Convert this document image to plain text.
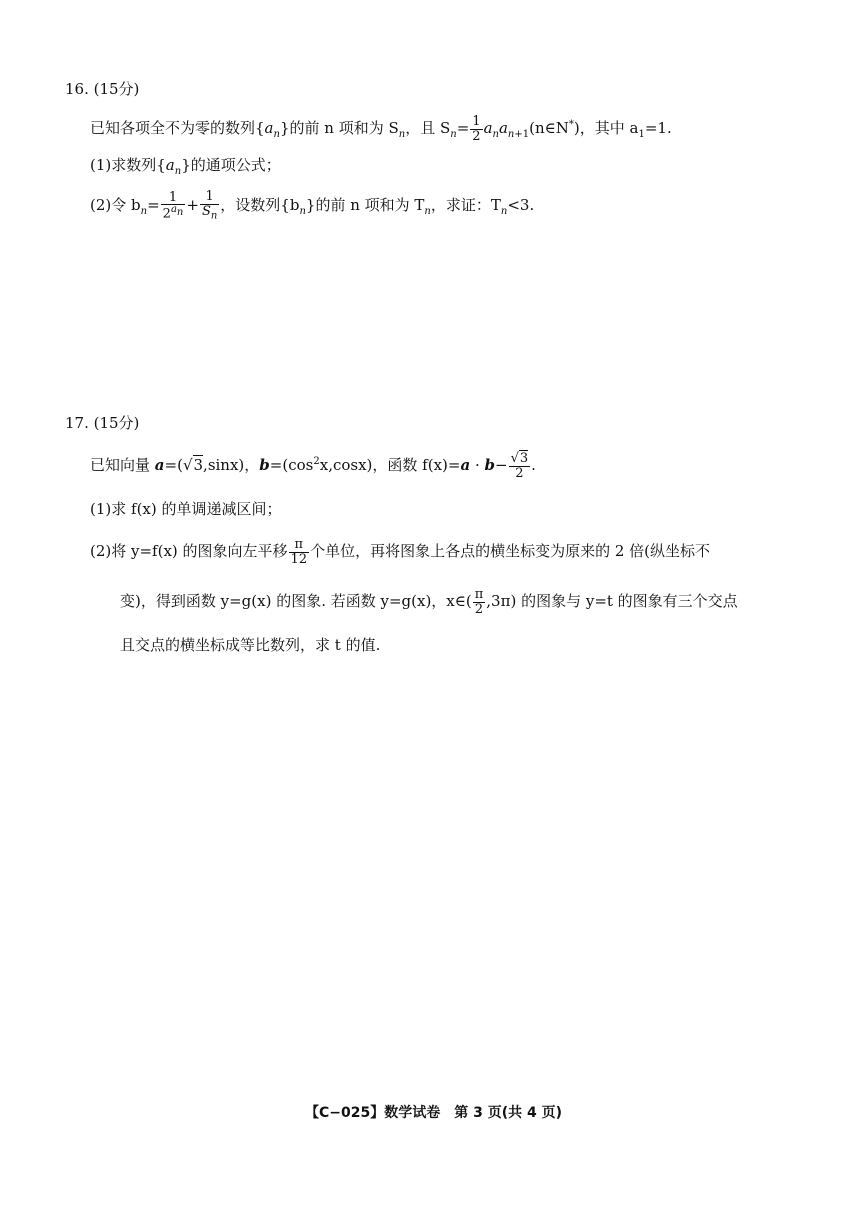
16. (15分)
已知各项全不为零的数列$\{a_n\}$的前 n 项和为 $S_n$，且 $S_n= \frac{1}{2}$ $a_na_{n+1}(n\in N^*)$，其中 $a_1=1$.
(1)求数列$\{a_n\}$的通项公式；
(2)令 $b_n= \frac{1}{2^{a_n}} + \frac{1}{S_n}$ ，设数列$\{b_n\}$的前 n 项和为 $T_n$，求证：$T_n<3$.
17. (15分)
已知向量 a=(√3,sinx)，$b=(\cos^2x,\cos x)$，函数 $f(x)=a \cdot b- \frac{√3}{2}$ .
(1)求 f(x) 的单调递减区间；
(2)将 y=f(x) 的图象向左平移 $\frac{\pi}{12}$ 个单位，再将图象上各点的横坐标变为原来的 2 倍(纵坐标不
变)，得到函数 y=g(x) 的图象. 若函数 y=g(x)，x∈( $\frac{\pi}{2} ,3\pi$) 的图象与 y=t 的图象有三个交点
且交点的横坐标成等比数列，求 t 的值.
【C−025】数学试卷　第 3 页(共 4 页)
